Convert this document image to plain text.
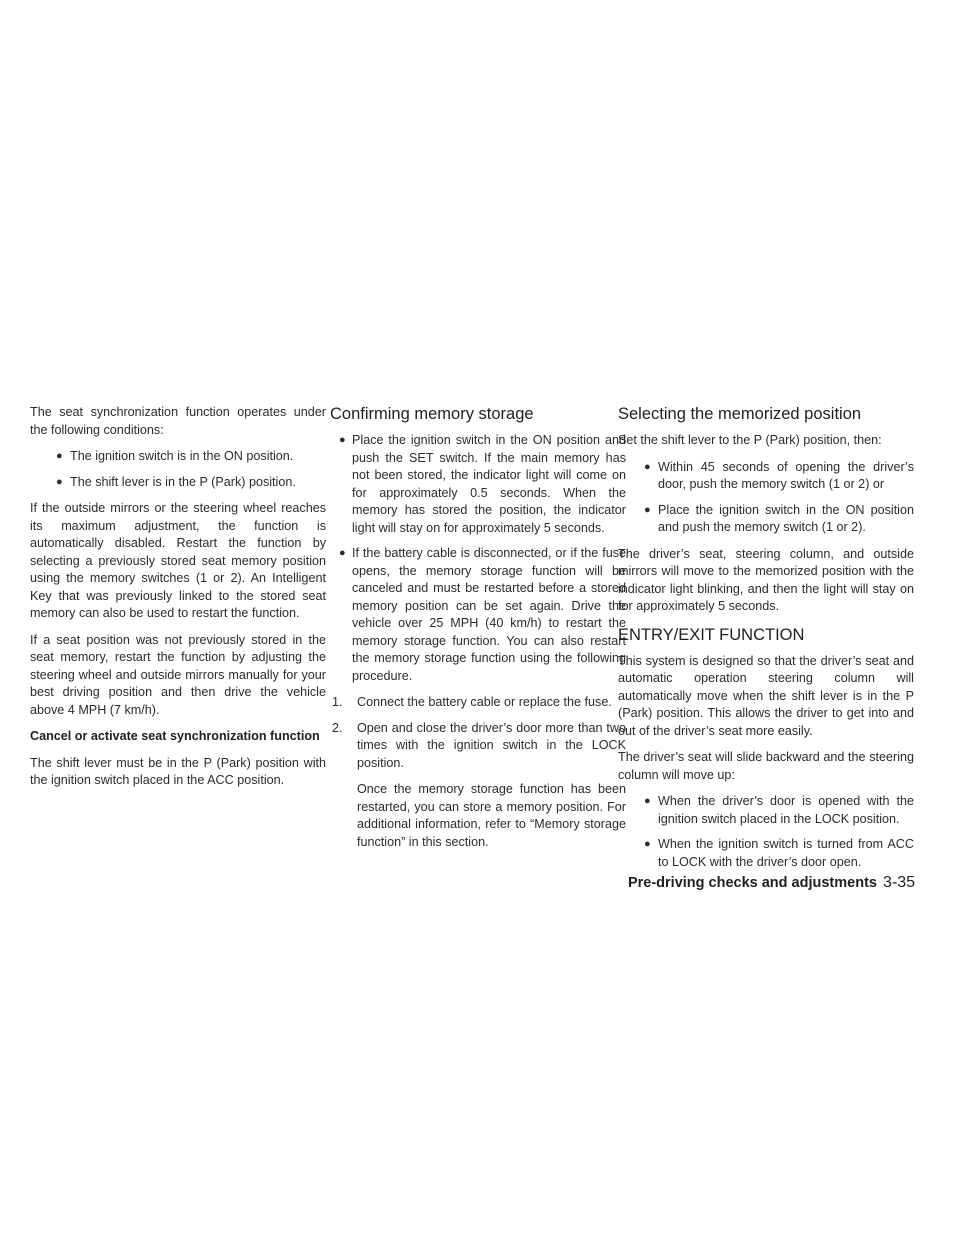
The seat synchronization function operates under the following conditions:

● The ignition switch is in the ON position.
● The shift lever is in the P (Park) position.

If the outside mirrors or the steering wheel reaches its maximum adjustment, the function is automatically disabled. Restart the function by selecting a previously stored seat memory position using the memory switches (1 or 2). An Intelligent Key that was previously linked to the stored seat memory can also be used to restart the function.

If a seat position was not previously stored in the seat memory, restart the function by adjusting the steering wheel and outside mirrors manually for your best driving position and then drive the vehicle above 4 MPH (7 km/h).

Cancel or activate seat synchronization function

The shift lever must be in the P (Park) position with the ignition switch placed in the ACC position.

Confirming memory storage
● Place the ignition switch in the ON position and push the SET switch. If the main memory has not been stored, the indicator light will come on for approximately 0.5 seconds. When the memory has stored the position, the indicator light will stay on for approximately 5 seconds.
● If the battery cable is disconnected, or if the fuse opens, the memory storage function will be canceled and must be restarted before a stored memory position can be set again. Drive the vehicle over 25 MPH (40 km/h) to restart the memory storage function. You can also restart the memory storage function using the following procedure.
1. Connect the battery cable or replace the fuse.
2. Open and close the driver’s door more than two times with the ignition switch in the LOCK position.

Once the memory storage function has been restarted, you can store a memory position. For additional information, refer to “Memory storage function” in this section.

Selecting the memorized position

Set the shift lever to the P (Park) position, then:

● Within 45 seconds of opening the driver’s door, push the memory switch (1 or 2) or
● Place the ignition switch in the ON position and push the memory switch (1 or 2).

The driver’s seat, steering column, and outside mirrors will move to the memorized position with the indicator light blinking, and then the light will stay on for approximately 5 seconds.

ENTRY/EXIT FUNCTION

This system is designed so that the driver’s seat and automatic operation steering column will automatically move when the shift lever is in the P (Park) position. This allows the driver to get into and out of the driver’s seat more easily.

The driver’s seat will slide backward and the steering column will move up:

● When the driver’s door is opened with the ignition switch placed in the LOCK position.
● When the ignition switch is turned from ACC to LOCK with the driver’s door open.
Pre-driving checks and adjustments 3-35
